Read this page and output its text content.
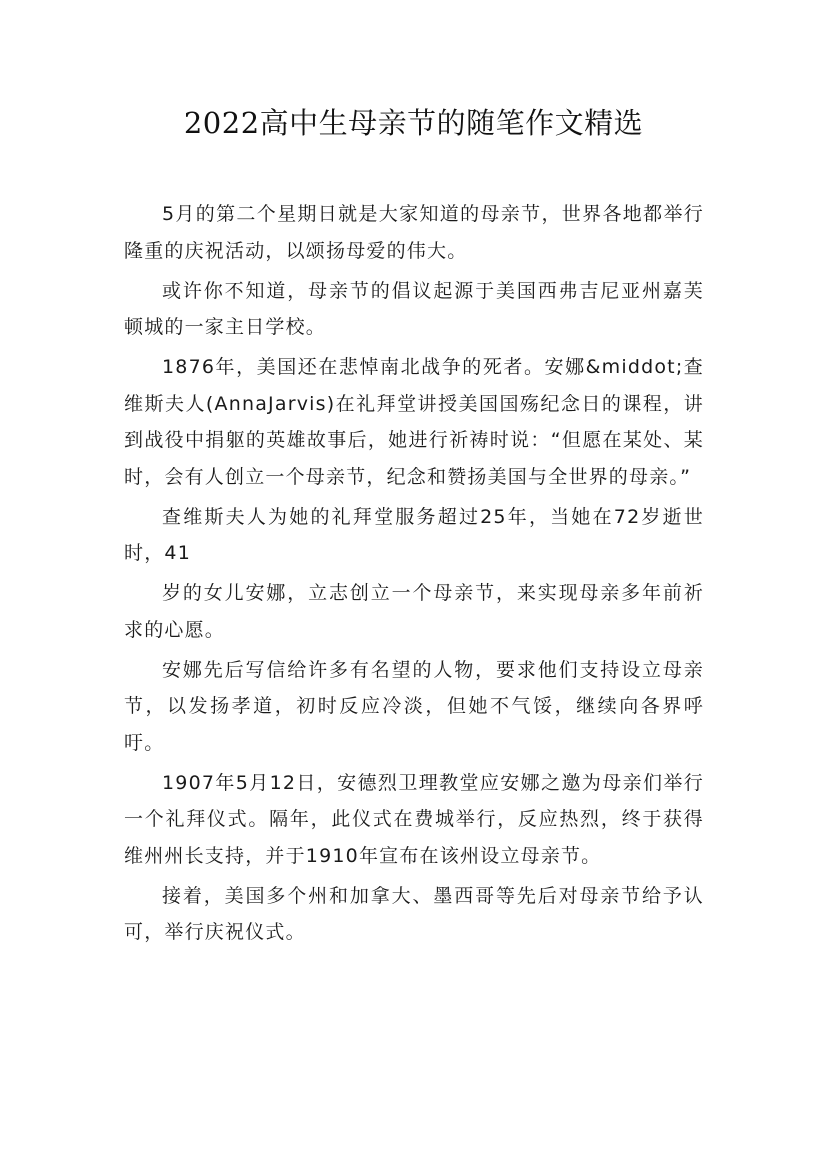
2022高中生母亲节的随笔作文精选

5月的第二个星期日就是大家知道的母亲节，世界各地都举行隆重的庆祝活动，以颂扬母爱的伟大。

或许你不知道，母亲节的倡议起源于美国西弗吉尼亚州嘉芙顿城的一家主日学校。

1876年，美国还在悲悼南北战争的死者。安娜&middot;查维斯夫人(AnnaJarvis)在礼拜堂讲授美国国殇纪念日的课程，讲到战役中捐躯的英雄故事后，她进行祈祷时说：“但愿在某处、某时，会有人创立一个母亲节，纪念和赞扬美国与全世界的母亲。”

查维斯夫人为她的礼拜堂服务超过25年，当她在72岁逝世时，41

岁的女儿安娜，立志创立一个母亲节，来实现母亲多年前祈求的心愿。

安娜先后写信给许多有名望的人物，要求他们支持设立母亲节，以发扬孝道，初时反应冷淡，但她不气馁，继续向各界呼吁。

1907年5月12日，安德烈卫理教堂应安娜之邀为母亲们举行一个礼拜仪式。隔年，此仪式在费城举行，反应热烈，终于获得维州州长支持，并于1910年宣布在该州设立母亲节。

接着，美国多个州和加拿大、墨西哥等先后对母亲节给予认可，举行庆祝仪式。
